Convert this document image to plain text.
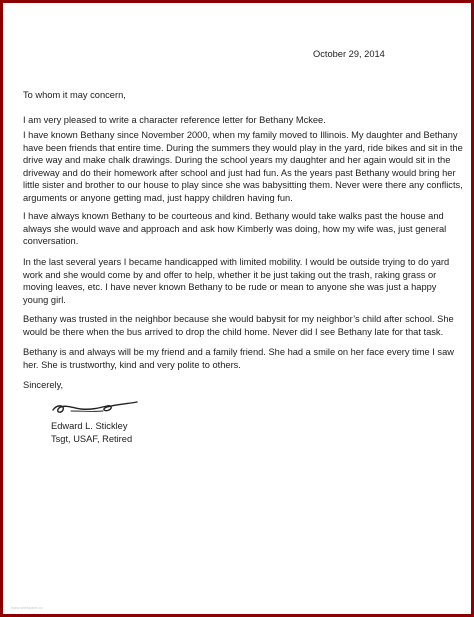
October 29, 2014

To whom it may concern,

I am very pleased to write a character reference letter for Bethany Mckee.

I have known Bethany since November 2000, when my family moved to Illinois. My daughter and Bethany have been friends that entire time. During the summers they would play in the yard, ride bikes and sit in the drive way and make chalk drawings. During the school years my daughter and her again would sit in the driveway and do their homework after school and just had fun. As the years past Bethany would bring her little sister and brother to our house to play since she was babysitting them. Never were there any conflicts, arguments or anyone getting mad, just happy children having fun.

I have always known Bethany to be courteous and kind. Bethany would take walks past the house and always she would wave and approach and ask how Kimberly was doing, how my wife was, just general conversation.

In the last several years I became handicapped with limited mobility. I would be outside trying to do yard work and she would come by and offer to help, whether it be just taking out the trash, raking grass or moving leaves, etc. I have never known Bethany to be rude or mean to anyone she was just a happy young girl.

Bethany was trusted in the neighbor because she would babysit for my neighbor’s child after school. She would be there when the bus arrived to drop the child home. Never did I see Bethany late for that task.

Bethany is and always will be my friend and a family friend. She had a smile on her face every time I saw her. She is trustworthy, kind and very polite to others.

Sincerely,

Edward L. Stickley
Tsgt, USAF, Retired
www.sitespaint.co
